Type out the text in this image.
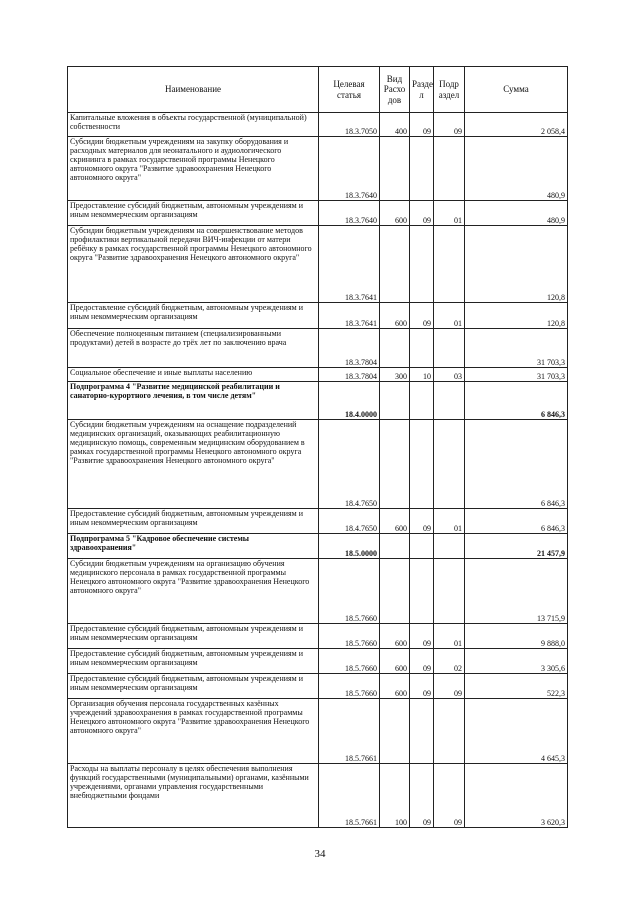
Наименование	Целевая статья	Вид Расхо дов	Разде л	Подр аздел	Сумма
Капитальные вложения в объекты государственной (муниципальной) собственности	18.3.7050	400	09	09	2 058,4
Субсидии бюджетным учреждениям на закупку оборудования и расходных материалов для неонатального и аудиологического скрининга в рамках государственной программы Ненецкого автономного округа "Развитие здравоохранения Ненецкого автономного округа"	18.3.7640				480,9
Предоставление субсидий бюджетным, автономным учреждениям и иным некоммерческим организациям	18.3.7640	600	09	01	480,9
Субсидии бюджетным учреждениям на совершенствование методов профилактики вертикальной передачи ВИЧ-инфекции от матери ребёнку в рамках государственной программы Ненецкого автономного округа "Развитие здравоохранения Ненецкого автономного округа"	18.3.7641				120,8
Предоставление субсидий бюджетным, автономным учреждениям и иным некоммерческим организациям	18.3.7641	600	09	01	120,8
Обеспечение полноценным питанием (специализированными продуктами) детей в возрасте до трёх лет по заключению врача	18.3.7804				31 703,3
Социальное обеспечение и иные выплаты населению	18.3.7804	300	10	03	31 703,3
Подпрограмма 4 "Развитие медицинской реабилитации и санаторно-курортного лечения, в том числе детям"	18.4.0000				6 846,3
Субсидии бюджетным учреждениям на оснащение подразделений медицинских организаций, оказывающих реабилитационную медицинскую помощь, современным медицинским оборудованием в рамках государственной программы Ненецкого автономного округа "Развитие здравоохранения Ненецкого автономного округа"	18.4.7650				6 846,3
Предоставление субсидий бюджетным, автономным учреждениям и иным некоммерческим организациям	18.4.7650	600	09	01	6 846,3
Подпрограмма 5 "Кадровое обеспечение системы здравоохранения"	18.5.0000				21 457,9
Субсидии бюджетным учреждениям на организацию обучения медицинского персонала в рамках государственной программы Ненецкого автономного округа "Развитие здравоохранения Ненецкого автономного округа"	18.5.7660				13 715,9
Предоставление субсидий бюджетным, автономным учреждениям и иным некоммерческим организациям	18.5.7660	600	09	01	9 888,0
Предоставление субсидий бюджетным, автономным учреждениям и иным некоммерческим организациям	18.5.7660	600	09	02	3 305,6
Предоставление субсидий бюджетным, автономным учреждениям и иным некоммерческим организациям	18.5.7660	600	09	09	522,3
Организация обучения персонала государственных казённых учреждений здравоохранения в рамках государственной программы Ненецкого автономного округа "Развитие здравоохранения Ненецкого автономного округа"	18.5.7661				4 645,3
Расходы на выплаты персоналу в целях обеспечения выполнения функций государственными (муниципальными) органами, казёнными учреждениями, органами управления государственными внебюджетными фондами	18.5.7661	100	09	09	3 620,3
34
